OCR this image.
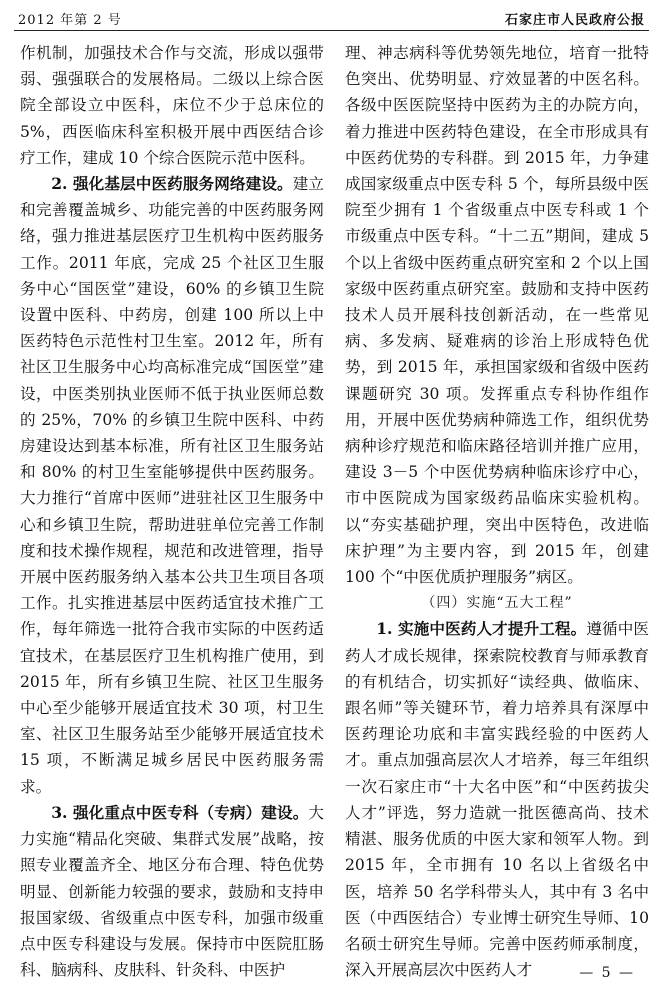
2012 年第 2 号	石家庄市人民政府公报

作机制，加强技术合作与交流，形成以强带弱、强强联合的发展格局。二级以上综合医院全部设立中医科，床位不少于总床位的 5%，西医临床科室积极开展中西医结合诊疗工作，建成 10 个综合医院示范中医科。

2. 强化基层中医药服务网络建设。建立和完善覆盖城乡、功能完善的中医药服务网络，强力推进基层医疗卫生机构中医药服务工作。2011 年底，完成 25 个社区卫生服务中心“国医堂”建设，60% 的乡镇卫生院设置中医科、中药房，创建 100 所以上中医药特色示范性村卫生室。2012 年，所有社区卫生服务中心均高标准完成“国医堂”建设，中医类别执业医师不低于执业医师总数的 25%，70% 的乡镇卫生院中医科、中药房建设达到基本标准，所有社区卫生服务站和 80% 的村卫生室能够提供中医药服务。大力推行“首席中医师”进驻社区卫生服务中心和乡镇卫生院，帮助进驻单位完善工作制度和技术操作规程，规范和改进管理，指导开展中医药服务纳入基本公共卫生项目各项工作。扎实推进基层中医药适宜技术推广工作，每年筛选一批符合我市实际的中医药适宜技术，在基层医疗卫生机构推广使用，到 2015 年，所有乡镇卫生院、社区卫生服务中心至少能够开展适宜技术 30 项，村卫生室、社区卫生服务站至少能够开展适宜技术 15 项，不断满足城乡居民中医药服务需求。

3. 强化重点中医专科（专病）建设。大力实施“精品化突破、集群式发展”战略，按照专业覆盖齐全、地区分布合理、特色优势明显、创新能力较强的要求，鼓励和支持申报国家级、省级重点中医专科，加强市级重点中医专科建设与发展。保持市中医院肛肠科、脑病科、皮肤科、针灸科、中医护

理、神志病科等优势领先地位，培育一批特色突出、优势明显、疗效显著的中医名科。各级中医医院坚持中医药为主的办院方向，着力推进中医药特色建设，在全市形成具有中医药优势的专科群。到 2015 年，力争建成国家级重点中医专科 5 个，每所县级中医院至少拥有 1 个省级重点中医专科或 1 个市级重点中医专科。“十二五”期间，建成 5 个以上省级中医药重点研究室和 2 个以上国家级中医药重点研究室。鼓励和支持中医药技术人员开展科技创新活动，在一些常见病、多发病、疑难病的诊治上形成特色优势，到 2015 年，承担国家级和省级中医药课题研究 30 项。发挥重点专科协作组作用，开展中医优势病种筛选工作，组织优势病种诊疗规范和临床路径培训并推广应用，建设 3－5 个中医优势病种临床诊疗中心，市中医院成为国家级药品临床实验机构。以“夯实基础护理，突出中医特色，改进临床护理”为主要内容，到 2015 年，创建 100 个“中医优质护理服务”病区。

（四）实施“五大工程”

1. 实施中医药人才提升工程。遵循中医药人才成长规律，探索院校教育与师承教育的有机结合，切实抓好“读经典、做临床、跟名师”等关键环节，着力培养具有深厚中医药理论功底和丰富实践经验的中医药人才。重点加强高层次人才培养，每三年组织一次石家庄市“十大名中医”和“中医药拔尖人才”评选，努力造就一批医德高尚、技术精湛、服务优质的中医大家和领军人物。到 2015 年，全市拥有 10 名以上省级名中医，培养 50 名学科带头人，其中有 3 名中医（中西医结合）专业博士研究生导师、10 名硕士研究生导师。完善中医药师承制度，深入开展高层次中医药人才	— 5 —
